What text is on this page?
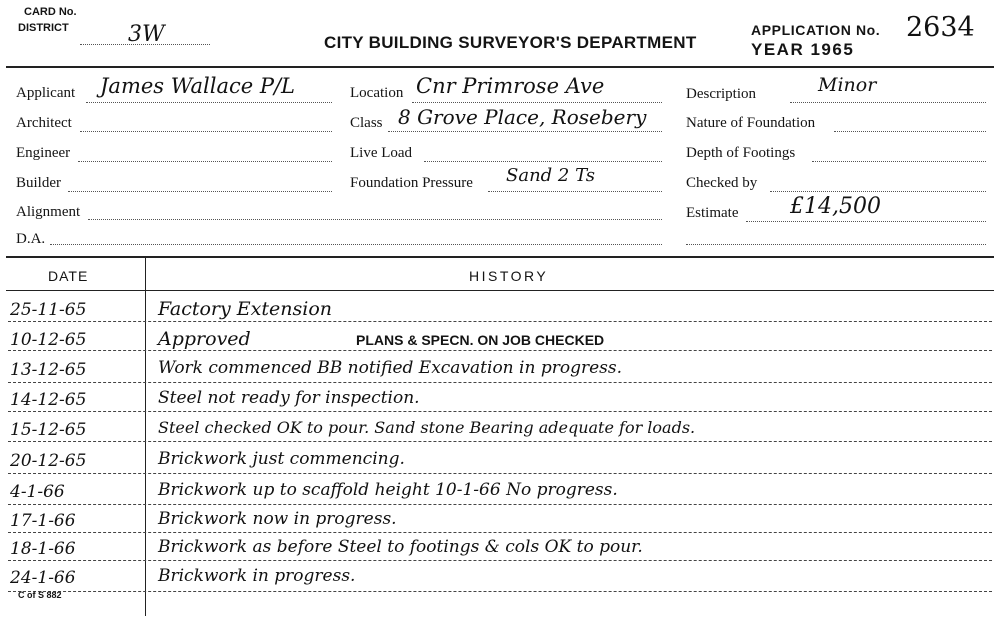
CARD No.
DISTRICT	3W	CITY BUILDING SURVEYOR'S DEPARTMENT
APPLICATION No. 2634
YEAR 1965
Applicant James Wallace P/L
Architect
Engineer
Builder
Alignment
D.A.
Location Cnr Primrose Ave
Class 8 Grove Place, Rosebery
Live Load
Foundation Pressure Sand 2 Ts
Description	Minor
Nature of Foundation
Depth of Footings
Checked by
Estimate £14,500
DATE	HISTORY
25-11-65	Factory Extension
10-12-65	Approved	PLANS & SPECN. ON JOB CHECKED
13-12-65	Work commenced BB notified Excavation in progress.
14-12-65	Steel not ready for inspection.
15-12-65	Steel checked OK to pour. Sand stone Bearing adequate for loads.
20-12-65	Brickwork just commencing.
4-1-66	Brickwork up to scaffold height 10-1-66 No progress.
17-1-66	Brickwork now in progress.
18-1-66	Brickwork as before Steel to footings & cols OK to pour.
24-1-66	Brickwork in progress.
C of S 882
